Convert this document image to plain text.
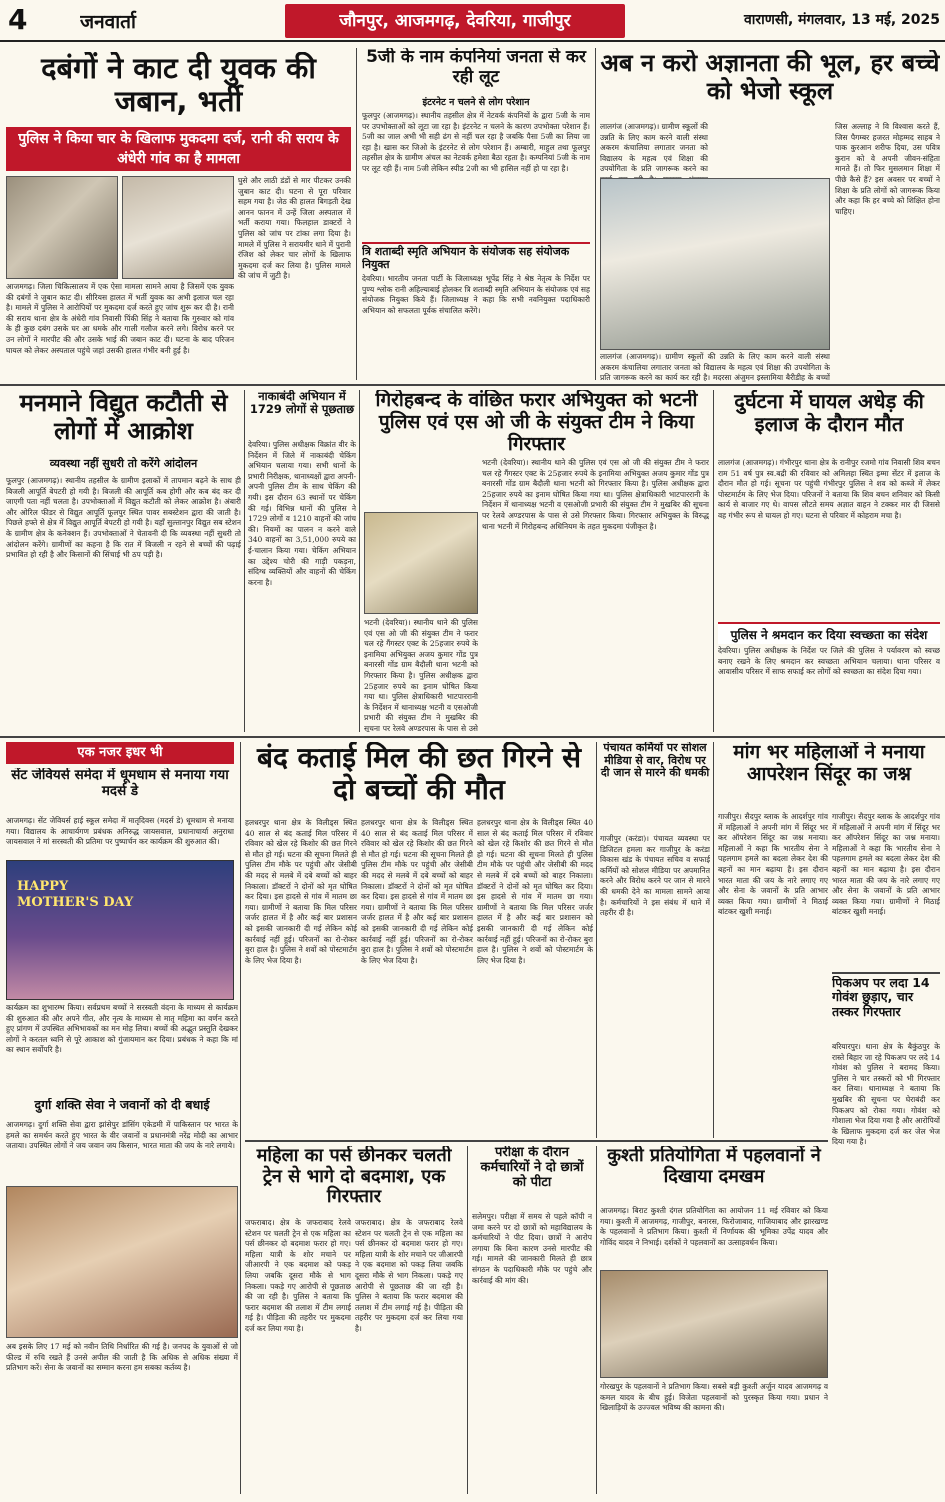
4	जनवार्ता	जौनपुर, आजमगढ़, देवरिया, गाजीपुर	वाराणसी, मंगलवार, 13 मई, 2025
दबंगों ने काट दी युवक की जबान, भर्ती
पुलिस ने किया चार के खिलाफ मुकदमा दर्ज, रानी की सराय के अंधेरी गांव का है मामला
आजमगढ़। जिला चिकित्सालय में एक ऐसा मामला सामने आया है जिसमें एक युवक की दबंगों ने जुबान काट दी। सीरियस हालत में भर्ती युवक का अभी इलाज चल रहा है। मामले में पुलिस ने आरोपियों पर मुकदमा दर्ज करते हुए जांच शुरू कर दी है। रानी की सराय थाना क्षेत्र के अंधेरी गांव निवासी पिंकी सिंह ने बताया कि गुरुवार को गांव के ही कुछ दबंग उसके घर आ धमके और गाली गलौज करने लगे। विरोध करने पर उन लोगों ने मारपीट की और उसके भाई की जबान काट दी। घटना के बाद परिजन घायल को लेकर अस्पताल पहुंचे जहां उसकी हालत गंभीर बनी हुई है।
घुसे और लाठी डंडों से मार पीटकर उनकी जुबान काट दी। घटना से पूरा परिवार सहम गया है। जेठ की हालत बिगड़ती देख आनन फानन में उन्हें जिला अस्पताल में भर्ती कराया गया। फिलहाल डाक्टरों ने पुलिस को जांच पर टांका लगा दिया है। मामले में पुलिस ने सरायमीर थाने में पुरानी रंजिश को लेकर चार लोगों के खिलाफ मुकदमा दर्ज कर लिया है। पुलिस मामले की जांच में जुटी है।
5जी के नाम कंपनियां जनता से कर रही लूट
इंटरनेट न चलने से लोग परेशान
फूलपुर (आजमगढ़)। स्थानीय तहसील क्षेत्र में नेटवर्क कंपनियों के द्वारा 5जी के नाम पर उपभोक्ताओं को लूटा जा रहा है। इंटरनेट न चलने के कारण उपभोक्ता परेशान हैं। 5जी का जाल अभी भी सही ढंग से नहीं चल रहा है जबकि पैसा 5जी का लिया जा रहा है। खास कर जिओ के इंटरनेट से लोग परेशान हैं। अम्बारी, माहुल तथा फूलपुर तहसील क्षेत्र के ग्रामीण अंचल का नेटवर्क हमेशा बैठा रहता है। कम्पनियां 5जी के नाम पर लूट रही हैं। नाम 5जी लेकिन स्पीड 2जी का भी हासिल नहीं हो पा रहा है।
त्रि शताब्दी स्मृति अभियान के संयोजक सह संयोजक नियुक्त
देवरिया। भारतीय जनता पार्टी के जिलाध्यक्ष भूपेंद्र सिंह ने श्रेष्ठ नेतृत्व के निर्देश पर पुण्य श्लोक रानी अहिल्याबाई होलकर त्रि शताब्दी स्मृति अभियान के संयोजक एवं सह संयोजक नियुक्त किये हैं। जिलाध्यक्ष ने कहा कि सभी नवनियुक्त पदाधिकारी अभियान को सफलता पूर्वक संचालित करेंगे।
अब न करो अज्ञानता की भूल, हर बच्चे को भेजो स्कूल
लालगंज (आजमगढ़)। ग्रामीण स्कूलों की उन्नति के लिए काम करने वाली संस्था अकरम कंचालिया लगातार जनता को विद्यालय के महत्व एवं शिक्षा की उपयोगिता के प्रति जागरूक करने का
जिस अल्लाह ने वि विश्वास करते हैं, जिस पैगम्बर हजरत मोहम्मद साहब ने पाक कुरआन शरीफ दिया, उस पवित्र कुरान को वे अपनी जीवन-संहिता मानते हैं। तो फिर मुसलमान शिक्षा में पीछे कैसे हैं? इस अवसर पर बच्चों ने शिक्षा के प्रति लोगों को जागरूक किया और कहा कि हर बच्चे को शिक्षित होना चाहिए।
लालगंज (आजमगढ़)। ग्रामीण स्कूलों की उन्नति के लिए काम करने वाली संस्था अकरम कंचालिया लगातार जनता को विद्यालय के महत्व एवं शिक्षा की उपयोगिता के प्रति जागरूक करने का कार्य कर रही है। मदरसा अंजुमन इस्लामिया बैरीडीह के बच्चों
मनमाने विद्युत कटौती से लोगों में आक्रोश
व्यवस्था नहीं सुधरी तो करेंगे आंदोलन
फूलपुर (आजमगढ़)। स्थानीय तहसील के ग्रामीण इलाकों में तापमान बढ़ने के साथ ही बिजली आपूर्ति बेपटरी हो गयी है। बिजली की आपूर्ति कब होगी और कब बंद कर दी जाएगी पता नहीं चलता है। उपभोक्ताओं में विद्युत कटौती को लेकर आक्रोश है। अंबारी और ओरिल फीडर से विद्युत आपूर्ति फूलपुर स्थित पावर सबस्टेशन द्वारा की जाती है। पिछले हफ्ते से क्षेत्र में विद्युत आपूर्ति बेपटरी हो गयी है। यहाँ सुल्तानपुर विद्युत सब स्टेशन के ग्रामीण क्षेत्र के कनेक्शन हैं। उपभोक्ताओं ने चेतावनी दी कि व्यवस्था नहीं सुधरी तो आंदोलन करेंगे। ग्रामीणों का कहना है कि रात में बिजली न रहने से बच्चों की पढ़ाई प्रभावित हो रही है और किसानों की सिंचाई भी ठप पड़ी है।
नाकाबंदी अभियान में 1729 लोगों से पूछताछ
देवरिया। पुलिस अधीक्षक विक्रांत वीर के निर्देशन में जिले में नाकाबंदी चेकिंग अभियान चलाया गया। सभी थानों के प्रभारी निरीक्षक, थानाध्यक्षों द्वारा अपनी-अपनी पुलिस टीम के साथ चेकिंग की गयी। इस दौरान 63 स्थानों पर चेकिंग की गई। विभिन्न थानों की पुलिस ने 1729 लोगों व 1210 वाहनों की जांच की। नियमों का पालन न करने वाले 340 वाहनों का 3,51,000 रुपये का ई-चालान किया गया। चेकिंग अभियान का उद्देश्य चोरी की गाड़ी पकड़ना, संदिग्ध व्यक्तियों और वाहनों की चेकिंग करना है।
गिरोहबन्द के वांछित फरार अभियुक्त को भटनी पुलिस एवं एस ओ जी के संयुक्त टीम ने किया गिरफ्तार
भटनी (देवरिया)। स्थानीय थाने की पुलिस एवं एस ओ जी की संयुक्त टीम ने फरार चल रहे गैंगस्टर एक्ट के 25हजार रुपये के इनामिया अभियुक्त अजय कुमार गोंड पुत्र बनारसी गोंड ग्राम बैदौली थाना भटनी को गिरफ्तार किया है। पुलिस अधीक्षक द्वारा 25हजार रुपये का इनाम घोषित किया गया था। पुलिस क्षेत्राधिकारी भाटपाररानी के निर्देशन में थानाध्यक्ष भटनी व एसओजी प्रभारी की संयुक्त टीम ने मुखबिर की सूचना पर रेलवे अण्डरपास के पास से उसे गिरफ्तार किया। गिरफ्तार अभियुक्त के विरुद्ध थाना भटनी में गिरोहबन्द अधिनियम के तहत मुकदमा पंजीकृत है।
भटनी (देवरिया)। स्थानीय थाने की पुलिस एवं एस ओ जी की संयुक्त टीम ने फरार चल रहे गैंगस्टर एक्ट के 25हजार रुपये के इनामिया अभियुक्त अजय कुमार गोंड पुत्र बनारसी गोंड ग्राम बैदौली थाना भटनी को गिरफ्तार किया है। पुलिस अधीक्षक द्वारा 25हजार रुपये का इनाम घोषित किया गया था। पुलिस क्षेत्राधिकारी भाटपाररानी के निर्देशन में थानाध्यक्ष भटनी व एसओजी प्रभारी की संयुक्त टीम ने मुखबिर की सूचना पर रेलवे अण्डरपास के पास से उसे
दुर्घटना में घायल अधेड़ की इलाज के दौरान मौत
लालगंज (आजमगढ़)। गंभीरपुर थाना क्षेत्र के रानीपुर रजमो गांव निवासी शिव बचन राम 51 वर्ष पुत्र स्व.बद्री की रविवार को अमिलहा स्थित इम्मा सेंटर में इलाज के दौरान मौत हो गई। सूचना पर पहुंची गंभीरपुर पुलिस ने शव को कब्जे में लेकर पोस्टमार्टम के लिए भेज दिया। परिजनों ने बताया कि शिव बचन शनिवार को किसी कार्य से बाजार गए थे। वापस लौटते समय अज्ञात वाहन ने टक्कर मार दी जिससे वह गंभीर रूप से घायल हो गए। घटना से परिवार में कोहराम मचा है।
पुलिस ने श्रमदान कर दिया स्वच्छता का संदेश
देवरिया। पुलिस अधीक्षक के निर्देश पर जिले की पुलिस ने पर्यावरण को स्वच्छ बनाए रखने के लिए श्रमदान कर स्वच्छता अभियान चलाया। थाना परिसर व आवासीय परिसर में साफ सफाई कर लोगों को स्वच्छता का संदेश दिया गया।
एक नजर इधर भी
सेंट जेवियर्स समेदा में धूमधाम से मनाया गया मदर्स डे
आजमगढ़। सेंट जेवियर्स हाई स्कूल समेदा में मातृदिवस (मदर्स डे) धूमधाम से मनाया गया। विद्यालय के आचार्यगण प्रबंधक अनिरुद्ध जायसवाल, प्रधानाचार्या अनुराधा जायसवाल ने मां सरस्वती की प्रतिमा पर पुष्पार्चन कर कार्यक्रम की शुरुआत की।
HAPPY MOTHER'S DAY
कार्यक्रम का शुभारम्भ किया। सर्वप्रथम बच्चों ने सरस्वती वंदना के माध्यम से कार्यक्रम की शुरुआत की और अपने गीत, और नृत्य के माध्यम से मातृ महिमा का वर्णन करते हुए प्रांगण में उपस्थित अभिभावकों का मन मोह लिया। बच्चों की अद्भुत प्रस्तुति देखकर लोगों ने करतल ध्वनि से पूरे आकाश को गुंजायमान कर दिया। प्रबंधक ने कहा कि मां का स्थान सर्वोपरि है।
दुर्गा शक्ति सेवा ने जवानों को दी बधाई
आजमगढ़। दुर्गा शक्ति सेवा द्वारा झांसेपुर डांसिंग एकेडमी में पाकिस्तान पर भारत के हमले का समर्थन करते हुए भारत के वीर जवानों व प्रधानमंत्री नरेंद्र मोदी का आभार जताया। उपस्थित लोगों ने जय जवान जय किसान, भारत माता की जय के नारे लगाये।
अब इसके लिए 17 मई को नवीन तिथि निर्धारित की गई है। जनपद के युवाओं से जो फील्ड में रुचि रखते हैं उनसे अपील की जाती है कि अधिक से अधिक संख्या में प्रतिभाग करें। सेना के जवानों का सम्मान करना हम सबका कर्तव्य है।
बंद कताई मिल की छत गिरने से दो बच्चों की मौत
हलधरपुर थाना क्षेत्र के विलीड्स स्थित 40 साल से बंद कताई मिल परिसर में रविवार को खेल रहे किशोर की छत गिरने से मौत हो गई। घटना की सूचना मिलते ही पुलिस टीम मौके पर पहुंची और जेसीबी की मदद से मलबे में दबे बच्चों को बाहर निकाला। डॉक्टरों ने दोनों को मृत घोषित कर दिया। इस हादसे से गांव में मातम छा गया। ग्रामीणों ने बताया कि मिल परिसर जर्जर हालत में है और कई बार प्रशासन को इसकी जानकारी दी गई लेकिन कोई कार्रवाई नहीं हुई। परिजनों का रो-रोकर बुरा हाल है। पुलिस ने शवों को पोस्टमार्टम के लिए भेज दिया है।
हलधरपुर थाना क्षेत्र के विलीड्स स्थित 40 साल से बंद कताई मिल परिसर में रविवार को खेल रहे किशोर की छत गिरने से मौत हो गई। घटना की सूचना मिलते ही पुलिस टीम मौके पर पहुंची और जेसीबी की मदद से मलबे में दबे बच्चों को बाहर निकाला। डॉक्टरों ने दोनों को मृत घोषित कर दिया। इस हादसे से गांव में मातम छा गया। ग्रामीणों ने बताया कि मिल परिसर जर्जर हालत में है और कई बार प्रशासन को इसकी जानकारी दी गई लेकिन कोई कार्रवाई नहीं हुई। परिजनों का रो-रोकर बुरा हाल है। पुलिस ने शवों को पोस्टमार्टम के लिए भेज दिया है।
हलधरपुर थाना क्षेत्र के विलीड्स स्थित 40 साल से बंद कताई मिल परिसर में रविवार को खेल रहे किशोर की छत गिरने से मौत हो गई। घटना की सूचना मिलते ही पुलिस टीम मौके पर पहुंची और जेसीबी की मदद से मलबे में दबे बच्चों को बाहर निकाला। डॉक्टरों ने दोनों को मृत घोषित कर दिया। इस हादसे से गांव में मातम छा गया। ग्रामीणों ने बताया कि मिल परिसर जर्जर हालत में है और कई बार प्रशासन को इसकी जानकारी दी गई लेकिन कोई कार्रवाई नहीं हुई। परिजनों का रो-रोकर बुरा हाल है। पुलिस ने शवों को पोस्टमार्टम के लिए भेज दिया है।
पंचायत कर्मियों पर सोशल मीडिया से वार, विरोध पर दी जान से मारने की धमकी
गाजीपुर (करंडा)। पंचायत व्यवस्था पर डिजिटल हमला कर गाजीपुर के करंडा विकास खंड के पंचायत सचिव व सफाई कर्मियों को सोशल मीडिया पर अपमानित करने और विरोध करने पर जान से मारने की धमकी देने का मामला सामने आया है। कर्मचारियों ने इस संबंध में थाने में तहरीर दी है।
मांग भर महिलाओं ने मनाया आपरेशन सिंदूर का जश्न
गाजीपुर। सैदपुर ब्लाक के आदर्शपुर गांव में महिलाओं ने अपनी मांग में सिंदूर भर कर ऑपरेशन सिंदूर का जश्न मनाया। महिलाओं ने कहा कि भारतीय सेना ने पहलगाम हमले का बदला लेकर देश की बहनों का मान बढ़ाया है। इस दौरान भारत माता की जय के नारे लगाए गए और सेना के जवानों के प्रति आभार व्यक्त किया गया। ग्रामीणों ने मिठाई बांटकर खुशी मनाई।
गाजीपुर। सैदपुर ब्लाक के आदर्शपुर गांव में महिलाओं ने अपनी मांग में सिंदूर भर कर ऑपरेशन सिंदूर का जश्न मनाया। महिलाओं ने कहा कि भारतीय सेना ने पहलगाम हमले का बदला लेकर देश की बहनों का मान बढ़ाया है। इस दौरान भारत माता की जय के नारे लगाए गए और सेना के जवानों के प्रति आभार व्यक्त किया गया। ग्रामीणों ने मिठाई बांटकर खुशी मनाई।
पिकअप पर लदा 14 गोवंश छुड़ाए, चार तस्कर गिरफ्तार
बरियारपुर। थाना क्षेत्र के बैकुंठपुर के रास्ते बिहार जा रहे पिकअप पर लदे 14 गोवंश को पुलिस ने बरामद किया। पुलिस ने चार तस्करों को भी गिरफ्तार कर लिया। थानाध्यक्ष ने बताया कि मुखबिर की सूचना पर घेराबंदी कर पिकअप को रोका गया। गोवंश को गोशाला भेज दिया गया है और आरोपियों के खिलाफ मुकदमा दर्ज कर जेल भेज दिया गया है।
महिला का पर्स छीनकर चलती ट्रेन से भागे दो बदमाश, एक गिरफ्तार
जफराबाद। क्षेत्र के जफराबाद रेलवे स्टेशन पर चलती ट्रेन से एक महिला का पर्स छीनकर दो बदमाश फरार हो गए। महिला यात्री के शोर मचाने पर जीआरपी ने एक बदमाश को पकड़ लिया जबकि दूसरा मौके से भाग निकला। पकड़े गए आरोपी से पूछताछ की जा रही है। पुलिस ने बताया कि फरार बदमाश की तलाश में टीम लगाई गई है। पीड़िता की तहरीर पर मुकदमा दर्ज कर लिया गया है।
जफराबाद। क्षेत्र के जफराबाद रेलवे स्टेशन पर चलती ट्रेन से एक महिला का पर्स छीनकर दो बदमाश फरार हो गए। महिला यात्री के शोर मचाने पर जीआरपी ने एक बदमाश को पकड़ लिया जबकि दूसरा मौके से भाग निकला। पकड़े गए आरोपी से पूछताछ की जा रही है। पुलिस ने बताया कि फरार बदमाश की तलाश में टीम लगाई गई है। पीड़िता की तहरीर पर मुकदमा दर्ज कर लिया गया है।
परीक्षा के दौरान कर्मचारियों ने दो छात्रों को पीटा
सलेमपुर। परीक्षा में समय से पहले कॉपी न जमा करने पर दो छात्रों को महाविद्यालय के कर्मचारियों ने पीट दिया। छात्रों ने आरोप लगाया कि बिना कारण उनसे मारपीट की गई। मामले की जानकारी मिलते ही छात्र संगठन के पदाधिकारी मौके पर पहुंचे और कार्रवाई की मांग की।
कुश्ती प्रतियोगिता में पहलवानों ने दिखाया दमखम
आजमगढ़। बिराट कुश्ती दंगल प्रतियोगिता का आयोजन 11 मई रविवार को किया गया। कुश्ती में आजमगढ़, गाजीपुर, बनारस, फिरोजाबाद, गाजियाबाद और झारखण्ड के पहलवानों ने प्रतिभाग किया। कुश्ती में निर्णायक की भूमिका उपेंद्र यादव और गोविंद यादव ने निभाई। दर्शकों ने पहलवानों का उत्साहवर्धन किया।
गोरखपुर के पहलवानों ने प्रतिभाग किया। सबसे बड़ी कुश्ती अर्जुन यादव आजमगढ़ व कमल यादव के बीच हुई। विजेता पहलवानों को पुरस्कृत किया गया। प्रधान ने खिलाड़ियों के उज्ज्वल भविष्य की कामना की।
